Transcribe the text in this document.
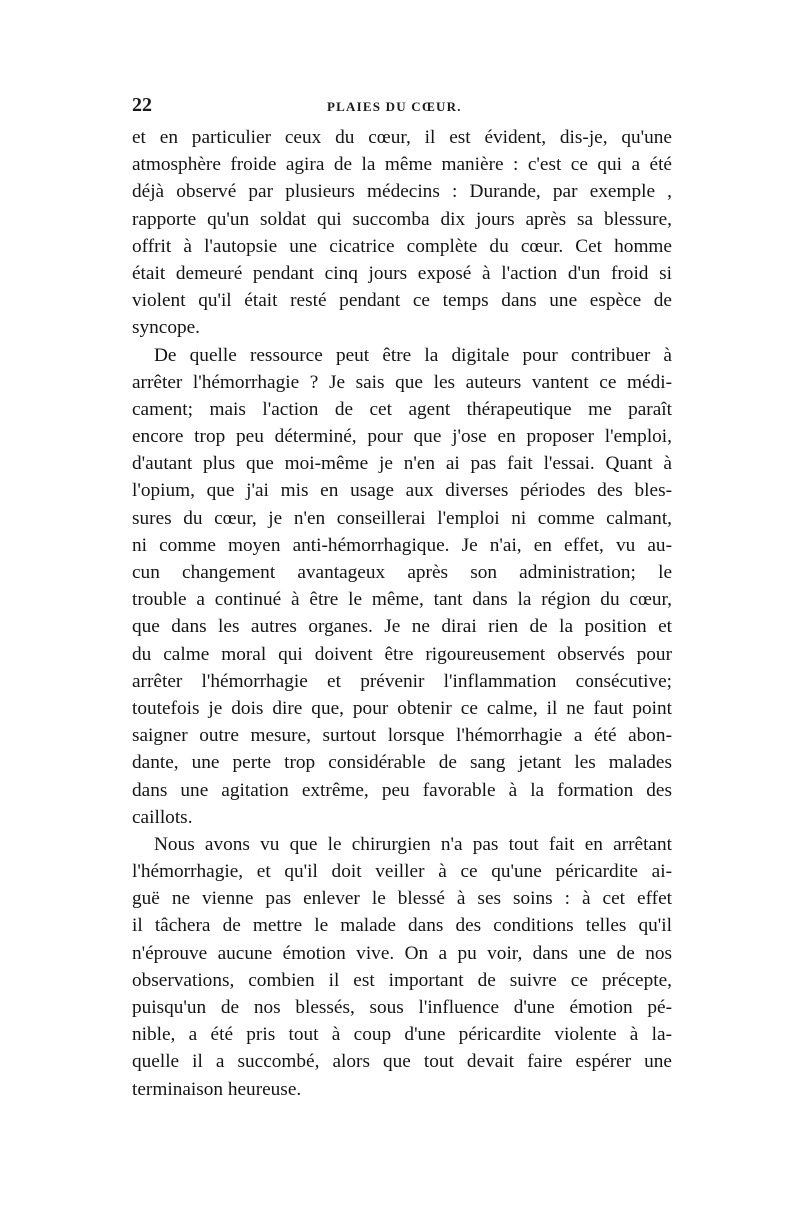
22	PLAIES DU CŒUR.
et en particulier ceux du cœur, il est évident, dis-je, qu'une
atmosphère froide agira de la même manière : c'est ce qui a été
déjà observé par plusieurs médecins : Durande, par exemple ,
rapporte qu'un soldat qui succomba dix jours après sa blessure,
offrit à l'autopsie une cicatrice complète du cœur. Cet homme
était demeuré pendant cinq jours exposé à l'action d'un froid si
violent qu'il était resté pendant ce temps dans une espèce de
syncope.
De quelle ressource peut être la digitale pour contribuer à
arrêter l'hémorrhagie ? Je sais que les auteurs vantent ce médi-
cament; mais l'action de cet agent thérapeutique me paraît
encore trop peu déterminé, pour que j'ose en proposer l'emploi,
d'autant plus que moi-même je n'en ai pas fait l'essai. Quant à
l'opium, que j'ai mis en usage aux diverses périodes des bles-
sures du cœur, je n'en conseillerai l'emploi ni comme calmant,
ni comme moyen anti-hémorrhagique. Je n'ai, en effet, vu au-
cun changement avantageux après son administration; le
trouble a continué à être le même, tant dans la région du cœur,
que dans les autres organes. Je ne dirai rien de la position et
du calme moral qui doivent être rigoureusement observés pour
arrêter l'hémorrhagie et prévenir l'inflammation consécutive;
toutefois je dois dire que, pour obtenir ce calme, il ne faut point
saigner outre mesure, surtout lorsque l'hémorrhagie a été abon-
dante, une perte trop considérable de sang jetant les malades
dans une agitation extrême, peu favorable à la formation des
caillots.
Nous avons vu que le chirurgien n'a pas tout fait en arrêtant
l'hémorrhagie, et qu'il doit veiller à ce qu'une péricardite ai-
guë ne vienne pas enlever le blessé à ses soins : à cet effet
il tâchera de mettre le malade dans des conditions telles qu'il
n'éprouve aucune émotion vive. On a pu voir, dans une de nos
observations, combien il est important de suivre ce précepte,
puisqu'un de nos blessés, sous l'influence d'une émotion pé-
nible, a été pris tout à coup d'une péricardite violente à la-
quelle il a succombé, alors que tout devait faire espérer une
terminaison heureuse.
